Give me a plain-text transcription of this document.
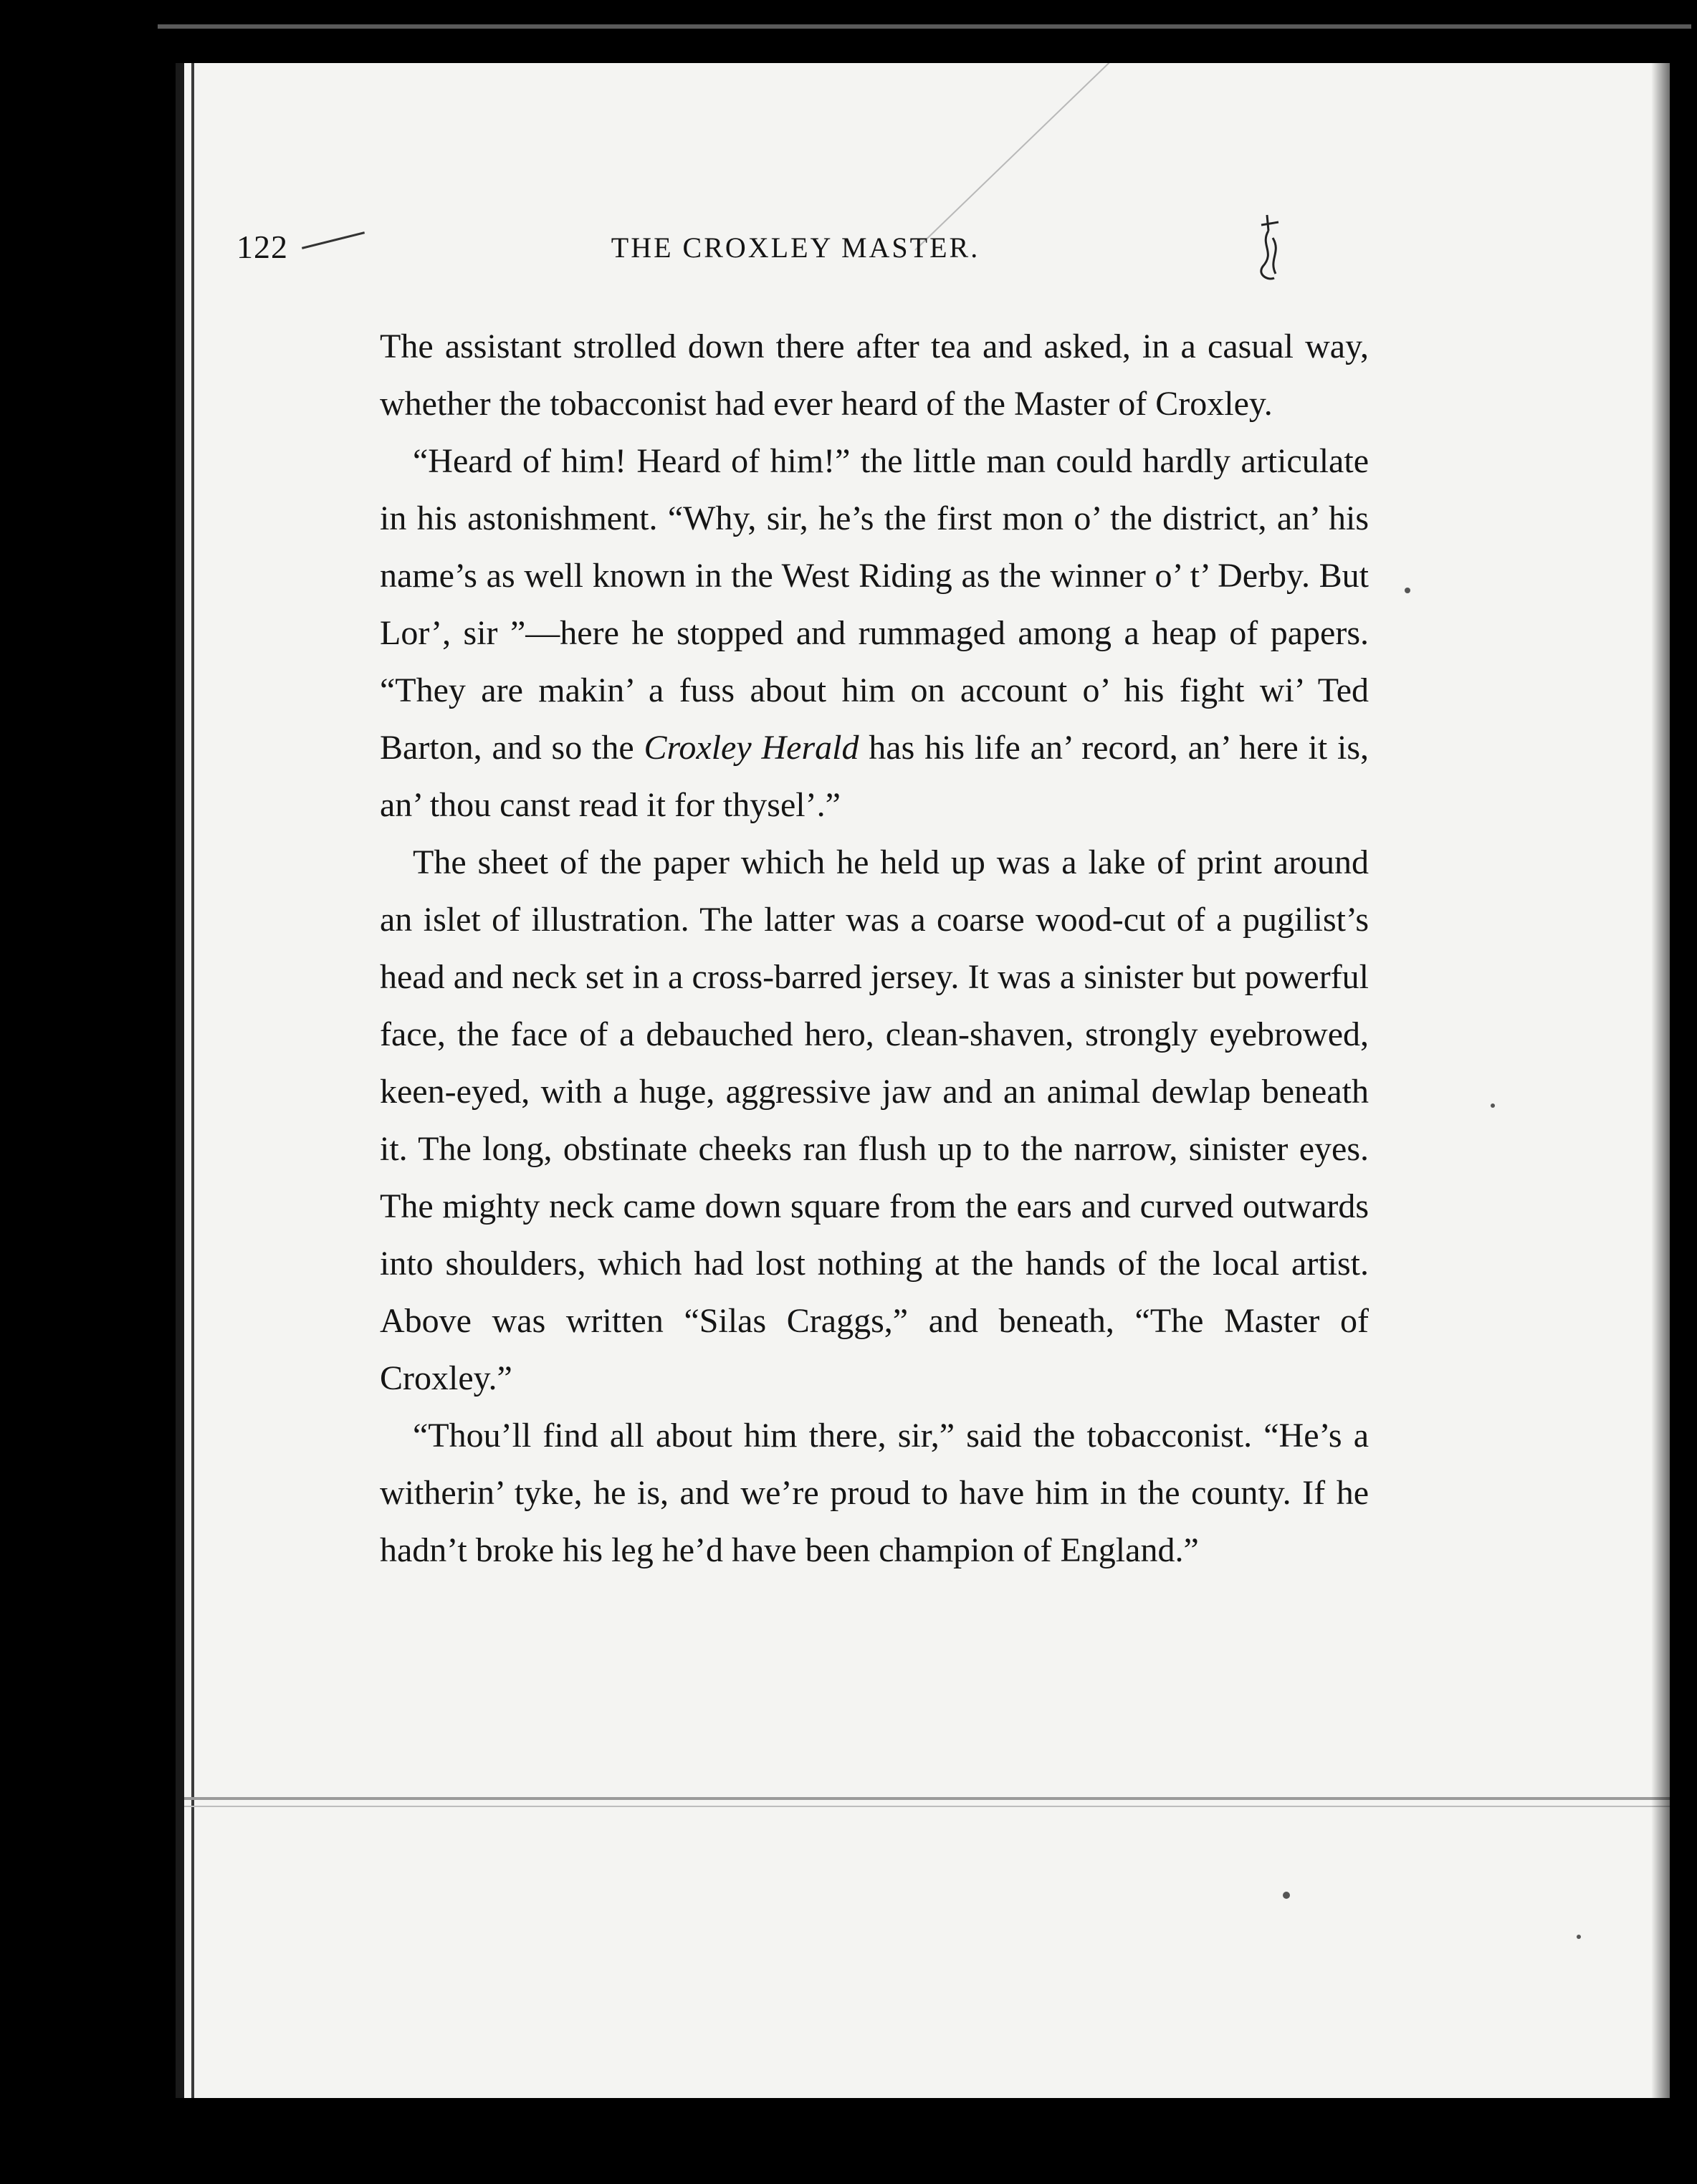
122	THE CROXLEY MASTER.

The assistant strolled down there after tea and asked, in a casual way, whether the tobacconist had ever heard of the Master of Croxley.

“Heard of him! Heard of him!” the little man could hardly articulate in his astonishment. “Why, sir, he’s the first mon o’ the district, an’ his name’s as well known in the West Riding as the winner o’ t’ Derby. But Lor’, sir ”—here he stopped and rummaged among a heap of papers. “They are makin’ a fuss about him on account o’ his fight wi’ Ted Barton, and so the Croxley Herald has his life an’ record, an’ here it is, an’ thou canst read it for thysel’.”

The sheet of the paper which he held up was a lake of print around an islet of illustration. The latter was a coarse wood-cut of a pugilist’s head and neck set in a cross-barred jersey. It was a sinister but powerful face, the face of a debauched hero, clean-shaven, strongly eyebrowed, keen-eyed, with a huge, aggressive jaw and an animal dewlap beneath it. The long, obstinate cheeks ran flush up to the narrow, sinister eyes. The mighty neck came down square from the ears and curved outwards into shoulders, which had lost nothing at the hands of the local artist. Above was written “Silas Craggs,” and beneath, “The Master of Croxley.”

“Thou’ll find all about him there, sir,” said the tobacconist. “He’s a witherin’ tyke, he is, and we’re proud to have him in the county. If he hadn’t broke his leg he’d have been champion of England.”
